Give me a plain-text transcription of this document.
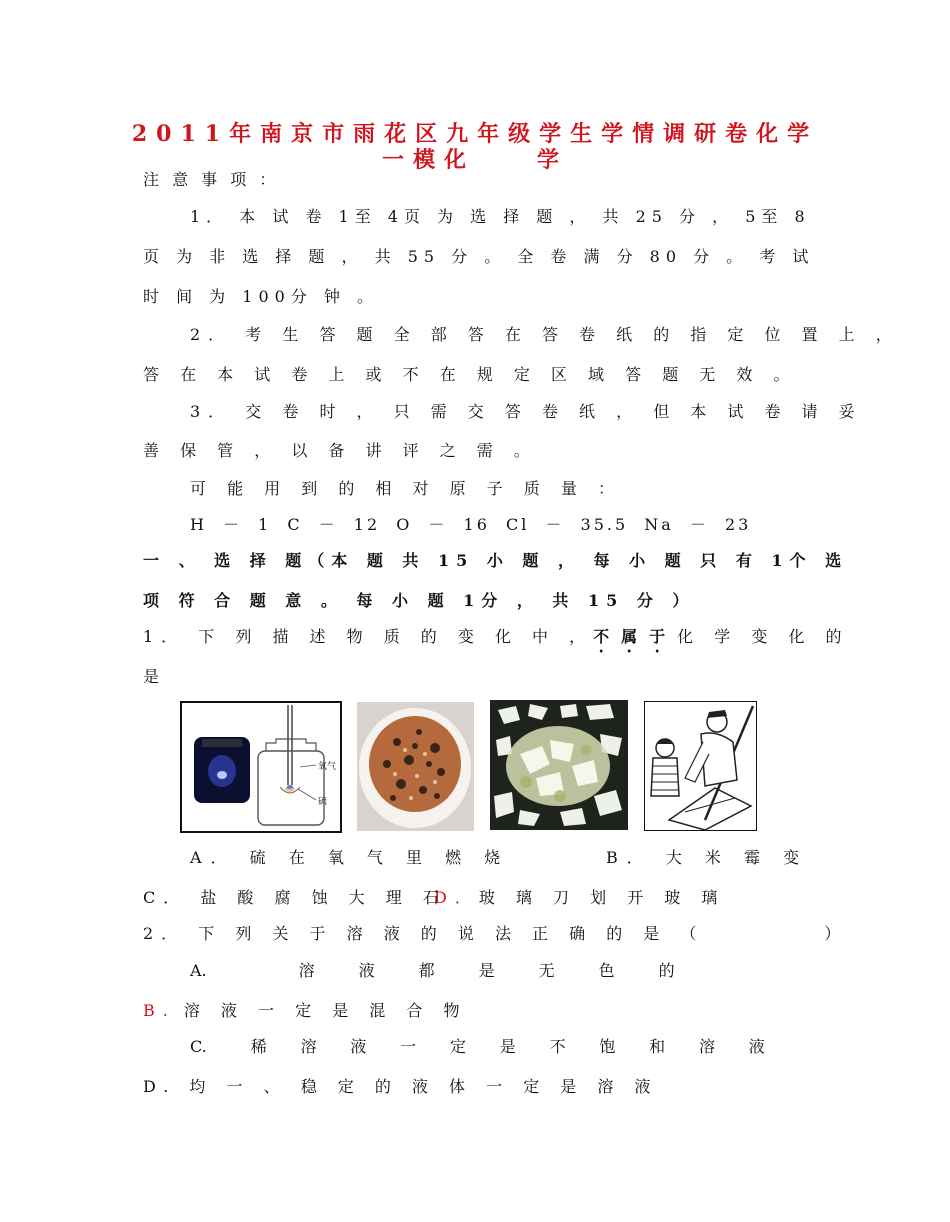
2011年南京市雨花区九年级学生学情调研卷化学
一模化　　学
注 意 事 项 ：
1． 本 试 卷 1至 4页 为 选 择 题 ， 共 25 分 ， 5至 8
页 为 非 选 择 题 ， 共 55 分 。 全 卷 满 分 80 分 。 考 试
时 间 为 100分 钟 。
2． 考 生 答 题 全 部 答 在 答 卷 纸 的 指 定 位 置 上 ，
答 在 本 试 卷 上 或 不 在 规 定 区 域 答 题 无 效 。
3． 交 卷 时 ， 只 需 交 答 卷 纸 ， 但 本 试 卷 请 妥
善 保 管 ， 以 备 讲 评 之 需 。
可 能 用 到 的 相 对 原 子 质 量 ：
H － 1 C － 12 O － 16 Cl － 35.5 Na － 23
一 、 选 择 题（本 题 共 15 小 题 ， 每 小 题 只 有 1个 选
项 符 合 题 意 。 每 小 题 1分 ， 共 15 分 ）
1． 下 列 描 述 物 质 的 变 化 中 ，不属于化 学 变 化 的
是
氧气
硫
A． 硫 在 氧 气 里 燃 烧	B． 大 米 霉 变
C． 盐 酸 腐 蚀 大 理 石
D．玻 璃 刀 划 开 玻 璃
2． 下 列 关 于 溶 液 的 说 法 正 确 的 是 （　　　　　）
A.	溶　　液　　都　　是　　无　　色　　的
B. 溶 液 一 定 是 混 合 物
C.	稀　　溶　　液　　一　　定　　是　　不　　饱　　和　　溶　　液
D. 均 一 、 稳 定 的 液 体 一 定 是 溶 液
